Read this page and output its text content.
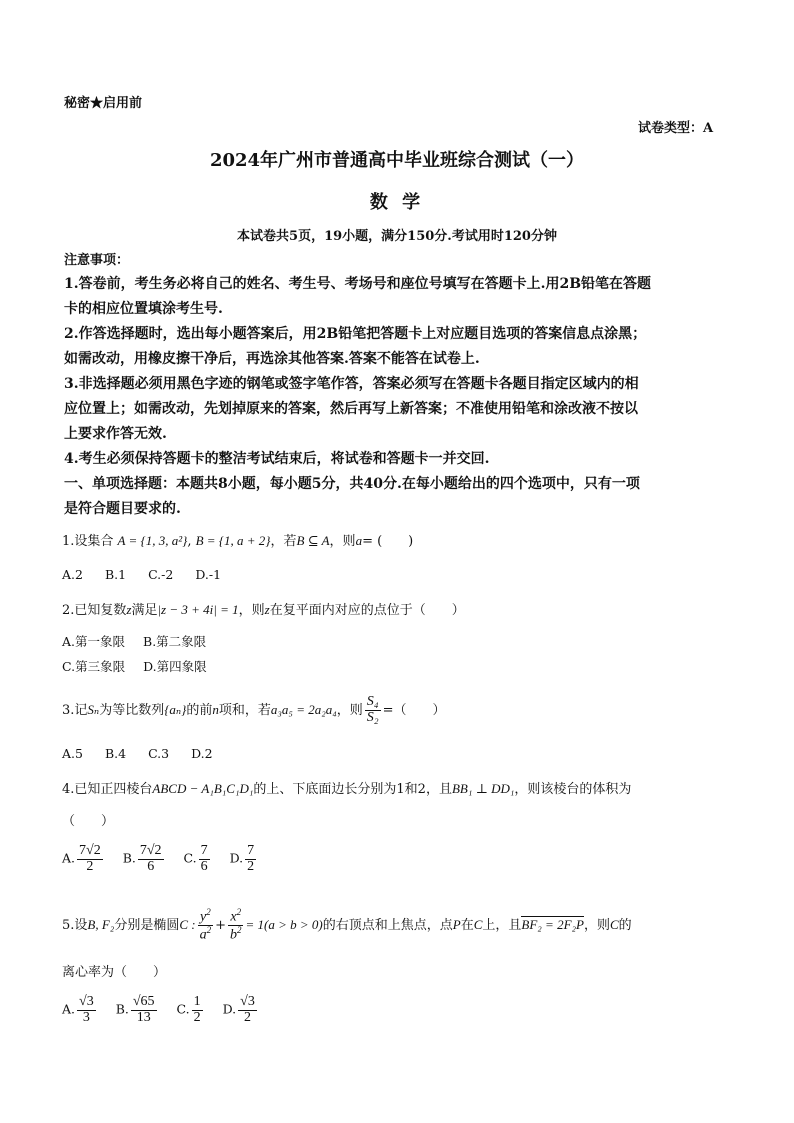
秘密★启用前
试卷类型：A
2024年广州市普通高中毕业班综合测试（一）
数 学
本试卷共5页，19小题，满分150分.考试用时120分钟
注意事项：
1.答卷前，考生务必将自己的姓名、考生号、考场号和座位号填写在答题卡上.用2B铅笔在答题
卡的相应位置填涂考生号.
2.作答选择题时，选出每小题答案后，用2B铅笔把答题卡上对应题目选项的答案信息点涂黑；
如需改动，用橡皮擦干净后，再选涂其他答案.答案不能答在试卷上.
3.非选择题必须用黑色字迹的钢笔或签字笔作答，答案必须写在答题卡各题目指定区域内的相
应位置上；如需改动，先划掉原来的答案，然后再写上新答案；不准使用铅笔和涂改液不按以
上要求作答无效.
4.考生必须保持答题卡的整洁考试结束后，将试卷和答题卡一并交回.
一、单项选择题：本题共8小题，每小题5分，共40分.在每小题给出的四个选项中，只有一项
是符合题目要求的.
1.设集合 A = {1, 3, a²}, B = {1, a + 2}，若B ⊆ A，则a= (　　)
A.2 B.1 C.-2 D.-1
2.已知复数z满足|z − 3 + 4i| = 1，则z在复平面内对应的点位于（　　）
A.第一象限 B.第二象限
C.第三象限 D.第四象限
3.记Sₙ为等比数列{aₙ}的前n项和，若a₃a₅ = 2a₂a₄，则 $\frac{\text{S₄}}{\text{S₂}}$ =（　　）
A.5 B.4 C.3 D.2
4.已知正四棱台ABCD − A₁B₁C₁D₁的上、下底面边长分别为1和2，且BB₁ ⊥ DD₁，则该棱台的体积为
（　　）
A. $\frac{7√2}{2} B$. $\frac{7√2}{6} C$. $\frac{7}{6} D$. $\frac{7}{2}$
5.设B, F₂分别是椭圆C : $\frac{y^2}{a^2} + \frac{x^2}{b^2} = 1(a > b > 0)$的右顶点和上焦点，点P在C上，且BF₂ = 2F₂P，则C的
离心率为（　　）
A. $\frac{√3}{3} B$. $\frac{√65}{13} C$. $\frac{1}{2} D$. $\frac{√3}{2}$
